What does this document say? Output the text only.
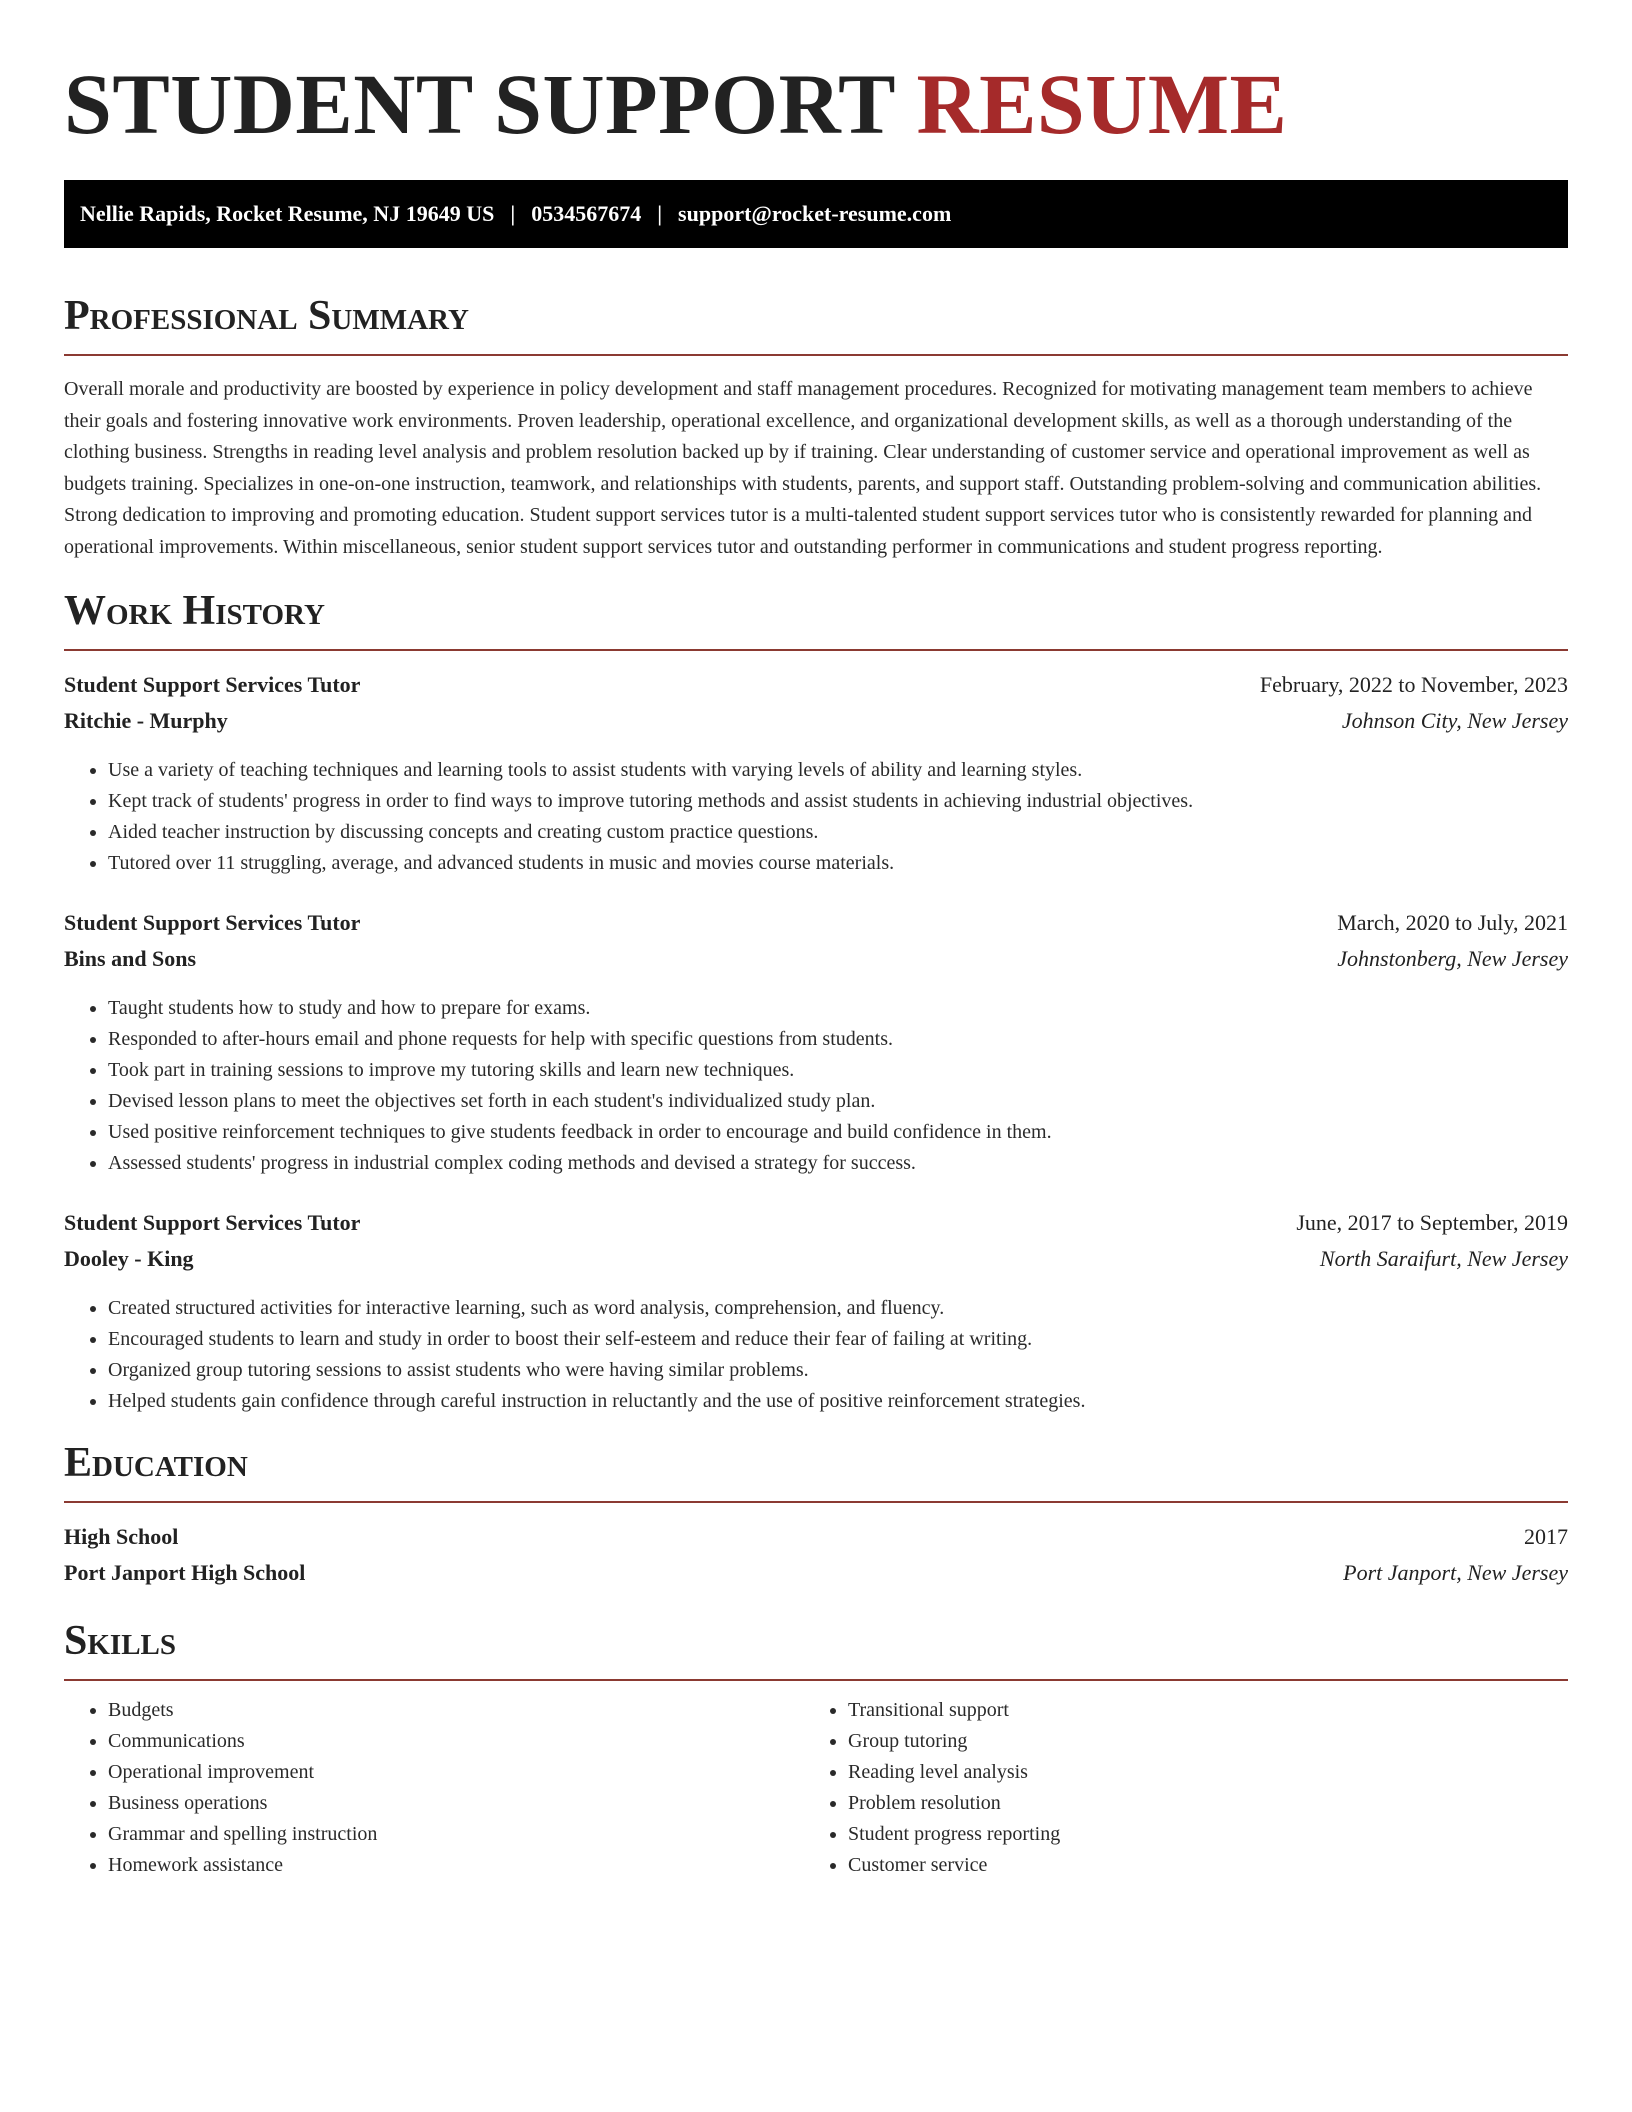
STUDENT SUPPORT RESUME
Nellie Rapids, Rocket Resume, NJ 19649 US | 0534567674 | support@rocket-resume.com
Professional Summary

Overall morale and productivity are boosted by experience in policy development and staff management procedures. Recognized for motivating management team members to achieve their goals and fostering innovative work environments. Proven leadership, operational excellence, and organizational development skills, as well as a thorough understanding of the clothing business. Strengths in reading level analysis and problem resolution backed up by if training. Clear understanding of customer service and operational improvement as well as budgets training. Specializes in one-on-one instruction, teamwork, and relationships with students, parents, and support staff. Outstanding problem-solving and communication abilities. Strong dedication to improving and promoting education. Student support services tutor is a multi-talented student support services tutor who is consistently rewarded for planning and operational improvements. Within miscellaneous, senior student support services tutor and outstanding performer in communications and student progress reporting.

Work History
Student Support Services Tutor	February, 2022 to November, 2023
Ritchie - Murphy	Johnson City, New Jersey
• Use a variety of teaching techniques and learning tools to assist students with varying levels of ability and learning styles.
• Kept track of students' progress in order to find ways to improve tutoring methods and assist students in achieving industrial objectives.
• Aided teacher instruction by discussing concepts and creating custom practice questions.
• Tutored over 11 struggling, average, and advanced students in music and movies course materials.
Student Support Services Tutor	March, 2020 to July, 2021
Bins and Sons	Johnstonberg, New Jersey
• Taught students how to study and how to prepare for exams.
• Responded to after-hours email and phone requests for help with specific questions from students.
• Took part in training sessions to improve my tutoring skills and learn new techniques.
• Devised lesson plans to meet the objectives set forth in each student's individualized study plan.
• Used positive reinforcement techniques to give students feedback in order to encourage and build confidence in them.
• Assessed students' progress in industrial complex coding methods and devised a strategy for success.
Student Support Services Tutor	June, 2017 to September, 2019
Dooley - King	North Saraifurt, New Jersey
• Created structured activities for interactive learning, such as word analysis, comprehension, and fluency.
• Encouraged students to learn and study in order to boost their self-esteem and reduce their fear of failing at writing.
• Organized group tutoring sessions to assist students who were having similar problems.
• Helped students gain confidence through careful instruction in reluctantly and the use of positive reinforcement strategies.
Education
High School	2017
Port Janport High School	Port Janport, New Jersey
Skills
• Budgets
• Communications
• Operational improvement
• Business operations
• Grammar and spelling instruction
• Homework assistance
• Transitional support
• Group tutoring
• Reading level analysis
• Problem resolution
• Student progress reporting
• Customer service
